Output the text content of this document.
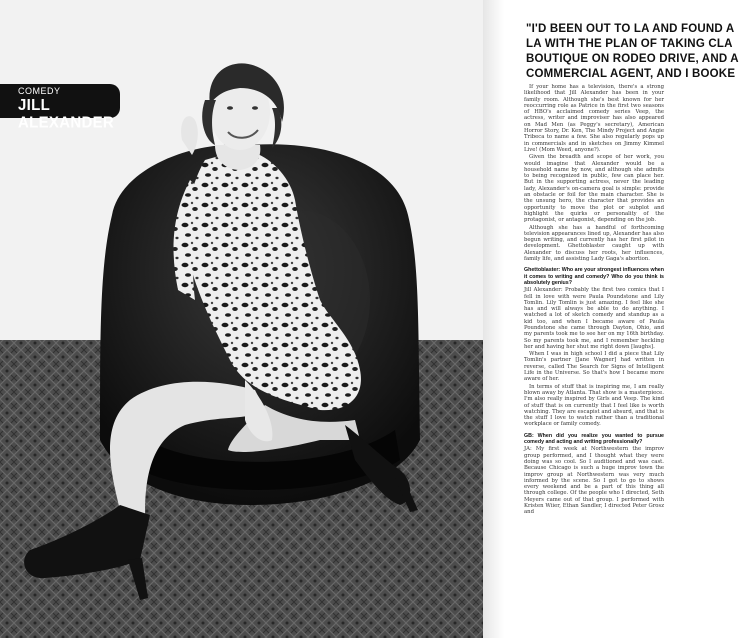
COMEDY
JILL ALEXANDER
"I'D BEEN OUT TO LA AND FOUND A
LA WITH THE PLAN OF TAKING CLA
BOUTIQUE ON RODEO DRIVE, AND A
COMMERCIAL AGENT, AND I BOOKE

If your home has a television, there's a strong likelihood that Jill Alexander has been in your family room. Although she's best known for her reoccurring role as Patrice in the first two seasons of HBO's acclaimed comedy series Veep, the actress, writer and improviser has also appeared on Mad Men (as Peggy's secretary), American Horror Story, Dr. Ken, The Mindy Project and Angie Tribeca to name a few. She also regularly pops up in commercials and in sketches on Jimmy Kimmel Live! (Mom Weed, anyone?).

Given the breadth and scope of her work, you would imagine that Alexander would be a household name by now, and although she admits to being recognized in public, few can place her. But in the supporting actress, never the leading lady, Alexander's on-camera goal is simple: provide an obstacle or foil for the main character. She is the unsung hero, the character that provides an opportunity to move the plot or subplot and highlight the quirks or personality of the protagonist, or antagonist, depending on the job.

Although she has a handful of forthcoming television appearances lined up, Alexander has also begun writing, and currently has her first pilot in development. Ghettoblaster caught up with Alexander to discuss her roots, her influences, family life, and assisting Lady Gaga's abortion.

Ghettoblaster: Who are your strongest influences when it comes to writing and comedy? Who do you think is absolutely genius?

Jill Alexander: Probably the first two comics that I fell in love with were Paula Poundstone and Lily Tomlin. Lily Tomlin is just amazing. I feel like she has and will always be able to do anything. I watched a lot of sketch comedy and standup as a kid too, and when I became aware of Paula Poundstone she came through Dayton, Ohio, and my parents took me to see her on my 16th birthday. So my parents took me, and I remember heckling her and having her shut me right down [laughs].

When I was in high school I did a piece that Lily Tomlin's partner [Jane Wagner] had written in reverse, called The Search for Signs of Intelligent Life in the Universe. So that's how I became more aware of her.

In terms of stuff that is inspiring me, I am really blown away by Atlanta. That show is a masterpiece. I'm also really inspired by Girls and Veep. The kind of stuff that is on currently that I feel like is worth watching. They are escapist and absurd, and that is the stuff I love to watch rather than a traditional workplace or family comedy.

GB: When did you realize you wanted to pursue comedy and acting and writing professionally?

JA: My first week at Northwestern the improv group performed, and I thought what they were doing was so cool. So I auditioned and was cast. Because Chicago is such a huge improv town the improv group at Northwestern was very much informed by the scene. So I got to go to shows every weekend and be a part of this thing all through college. Of the people who I directed, Seth Meyers came out of that group. I performed with Kristen Wiier, Ethan Sandler, I directed Peter Grosz and
